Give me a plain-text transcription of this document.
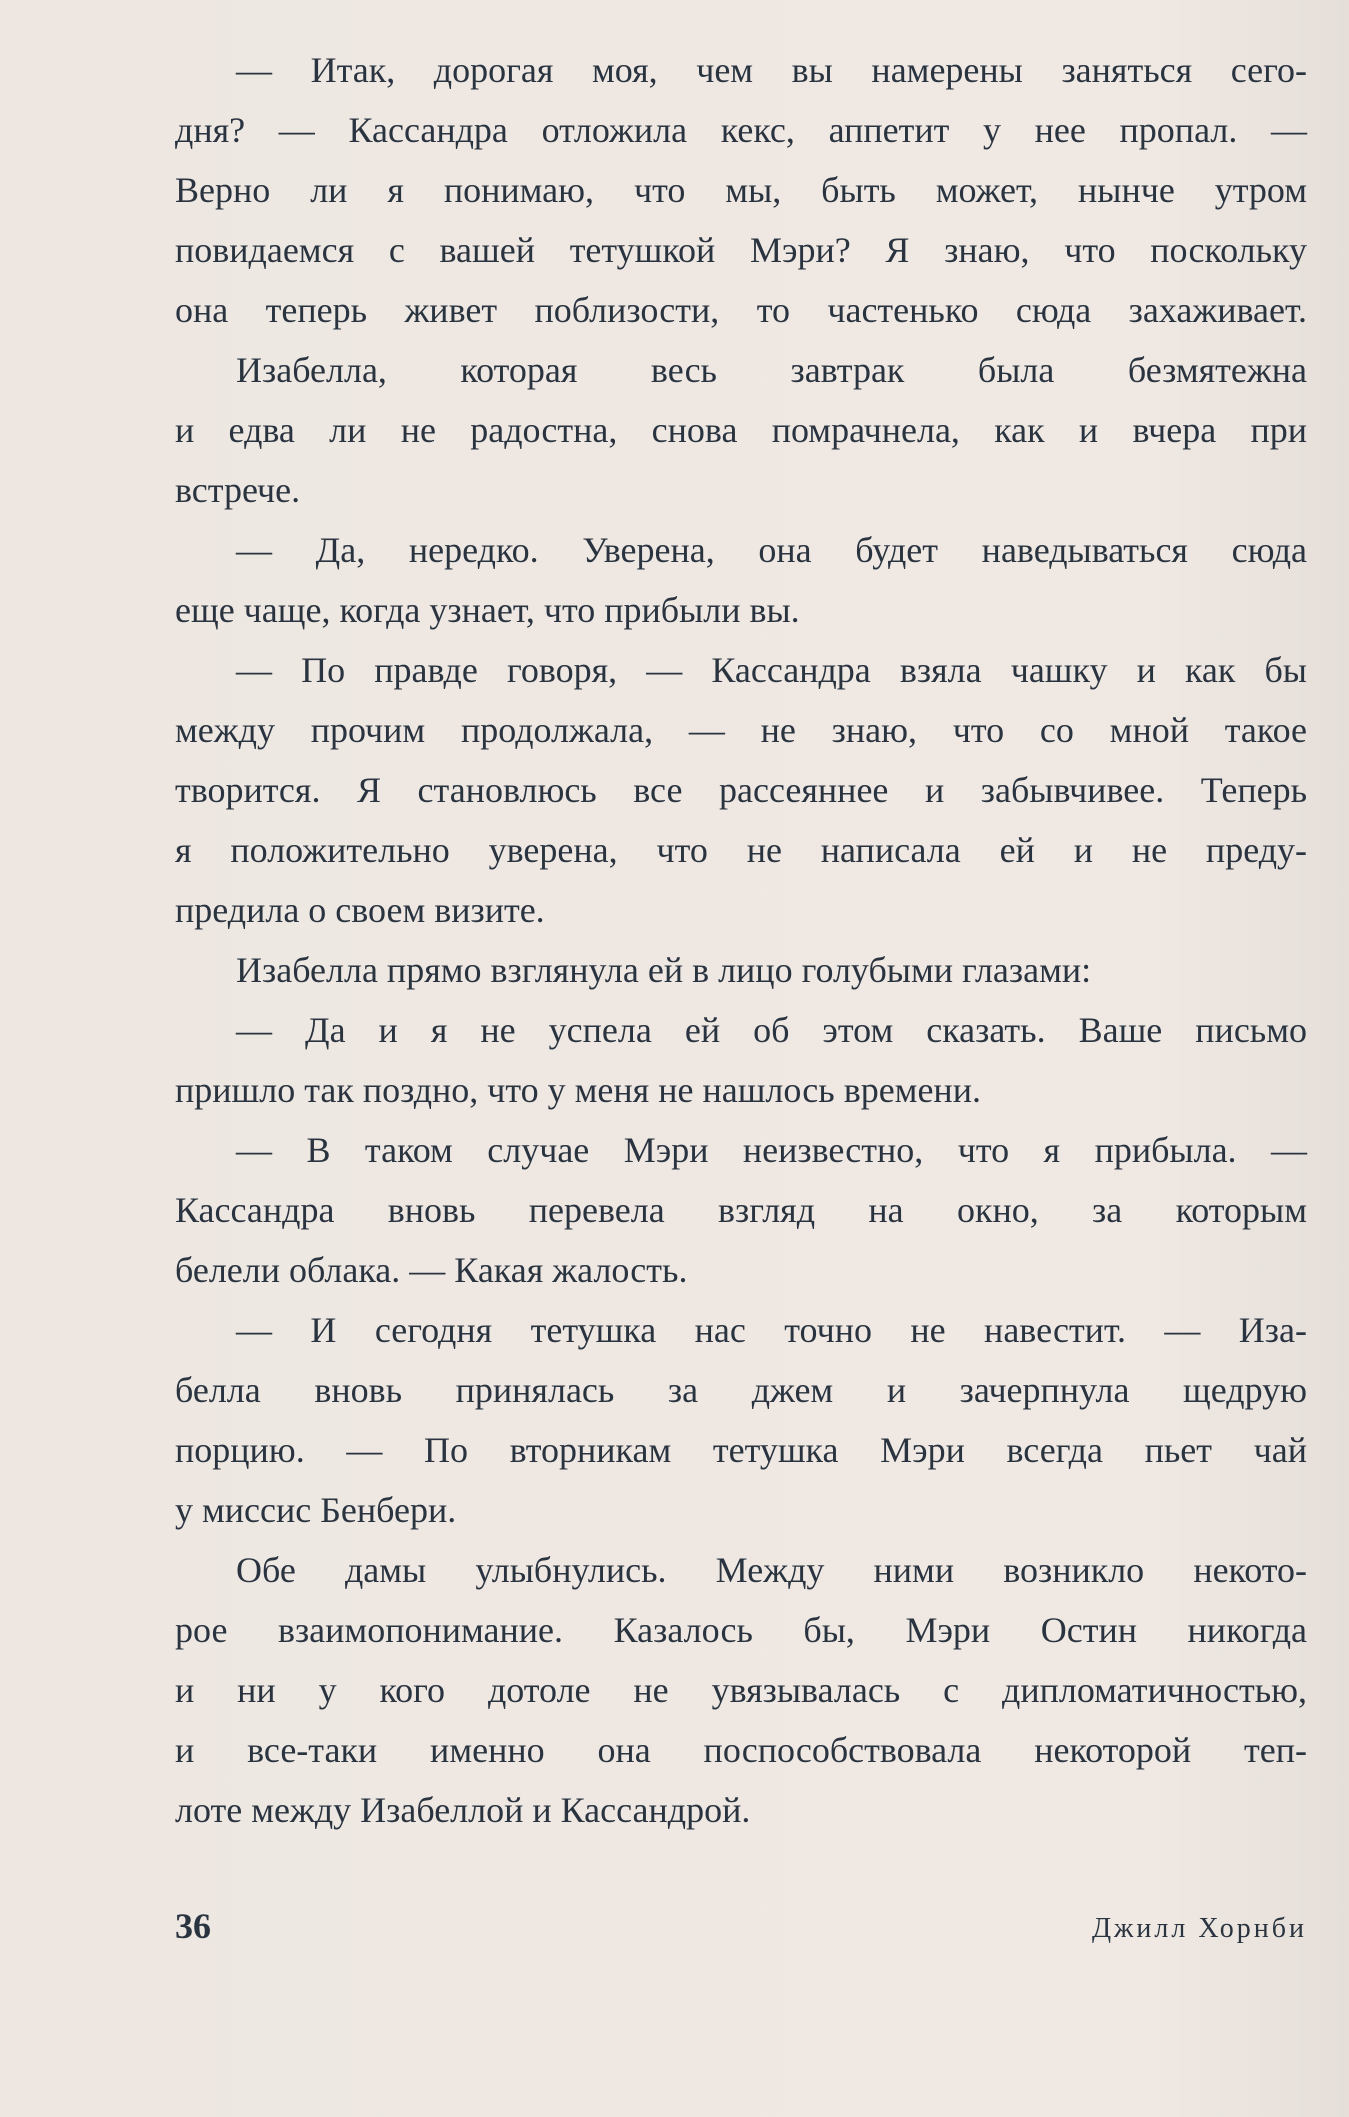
— Итак, дорогая моя, чем вы намерены заняться сего-
дня? — Кассандра отложила кекс, аппетит у нее пропал. —
Верно ли я понимаю, что мы, быть может, нынче утром
повидаемся с вашей тетушкой Мэри? Я знаю, что поскольку
она теперь живет поблизости, то частенько сюда захаживает.
Изабелла, которая весь завтрак была безмятежна
и едва ли не радостна, снова помрачнела, как и вчера при
встрече.
— Да, нередко. Уверена, она будет наведываться сюда
еще чаще, когда узнает, что прибыли вы.
— По правде говоря, — Кассандра взяла чашку и как бы
между прочим продолжала, — не знаю, что со мной такое
творится. Я становлюсь все рассеяннее и забывчивее. Теперь
я положительно уверена, что не написала ей и не преду-
предила о своем визите.
Изабелла прямо взглянула ей в лицо голубыми глазами:
— Да и я не успела ей об этом сказать. Ваше письмо
пришло так поздно, что у меня не нашлось времени.
— В таком случае Мэри неизвестно, что я прибыла. —
Кассандра вновь перевела взгляд на окно, за которым
белели облака. — Какая жалость.
— И сегодня тетушка нас точно не навестит. — Иза-
белла вновь принялась за джем и зачерпнула щедрую
порцию. — По вторникам тетушка Мэри всегда пьет чай
у миссис Бенбери.
Обе дамы улыбнулись. Между ними возникло некото-
рое взаимопонимание. Казалось бы, Мэри Остин никогда
и ни у кого дотоле не увязывалась с дипломатичностью,
и все-таки именно она поспособствовала некоторой теп-
лоте между Изабеллой и Кассандрой.
36	Джилл Хорнби
